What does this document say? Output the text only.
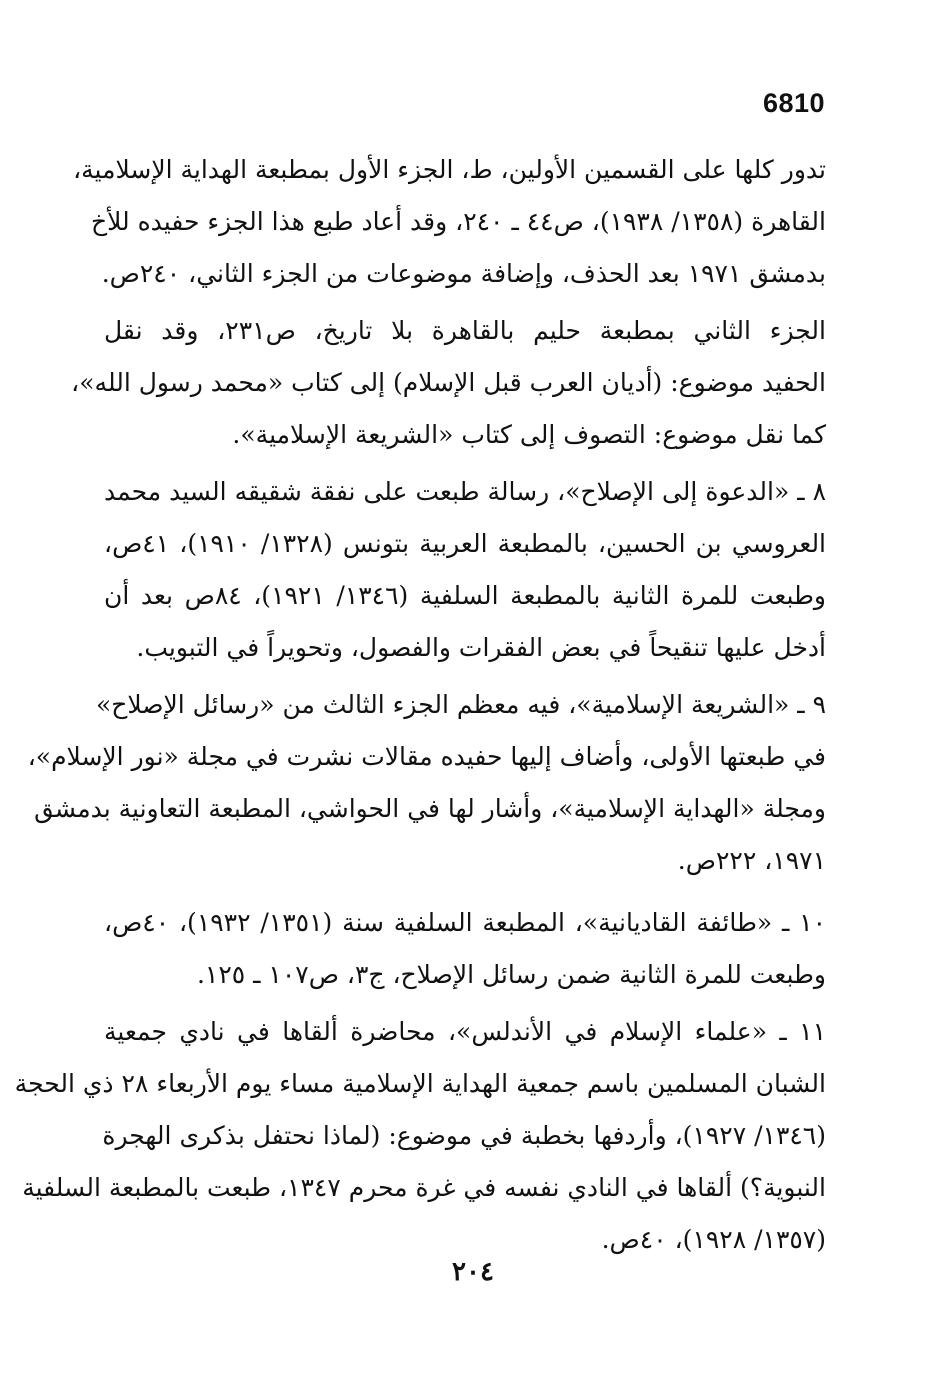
6810
تدور كلها على القسمين الأولين، ط، الجزء الأول بمطبعة الهداية الإسلامية،
القاهرة (١٣٥٨/ ١٩٣٨)، ص٤٤ ـ ٢٤٠، وقد أعاد طبع هذا الجزء حفيده للأخ
بدمشق ١٩٧١ بعد الحذف، وإضافة موضوعات من الجزء الثاني، ٢٤٠ص.
الجزء الثاني بمطبعة حليم بالقاهرة بلا تاريخ، ص٢٣١، وقد نقل
الحفيد موضوع: (أديان العرب قبل الإسلام) إلى كتاب «محمد رسول الله»،
كما نقل موضوع: التصوف إلى كتاب «الشريعة الإسلامية».
٨ ـ «الدعوة إلى الإصلاح»، رسالة طبعت على نفقة شقيقه السيد محمد
العروسي بن الحسين، بالمطبعة العربية بتونس (١٣٢٨/ ١٩١٠)، ٤١ص،
وطبعت للمرة الثانية بالمطبعة السلفية (١٣٤٦/ ١٩٢١)، ٨٤ص بعد أن
أدخل عليها تنقيحاً في بعض الفقرات والفصول، وتحويراً في التبويب.
٩ ـ «الشريعة الإسلامية»، فيه معظم الجزء الثالث من «رسائل الإصلاح»
في طبعتها الأولى، وأضاف إليها حفيده مقالات نشرت في مجلة «نور الإسلام»،
ومجلة «الهداية الإسلامية»، وأشار لها في الحواشي، المطبعة التعاونية بدمشق
١٩٧١، ٢٢٢ص.
١٠ ـ «طائفة القاديانية»، المطبعة السلفية سنة (١٣٥١/ ١٩٣٢)، ٤٠ص،
وطبعت للمرة الثانية ضمن رسائل الإصلاح، ج٣، ص١٠٧ ـ ١٢٥.
١١ ـ «علماء الإسلام في الأندلس»، محاضرة ألقاها في نادي جمعية
الشبان المسلمين باسم جمعية الهداية الإسلامية مساء يوم الأربعاء ٢٨ ذي الحجة
(١٣٤٦/ ١٩٢٧)، وأردفها بخطبة في موضوع: (لماذا نحتفل بذكرى الهجرة
النبوية؟) ألقاها في النادي نفسه في غرة محرم ١٣٤٧، طبعت بالمطبعة السلفية
(١٣٥٧/ ١٩٢٨)، ٤٠ص.
٢٠٤
